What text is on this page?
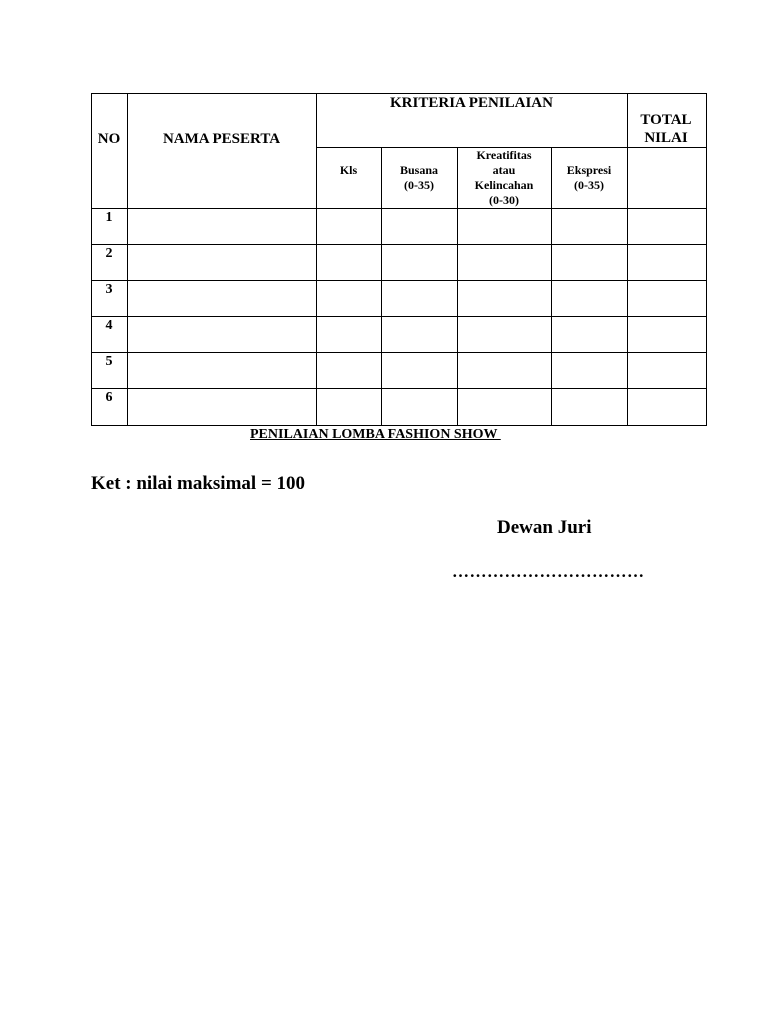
NO	NAMA PESERTA
KRITERIA PENILAIAN
TOTAL NILAI
Kls	Busana
(0-35)
Kreatifitas atau Kelincahan
(0-30)
Ekspresi
(0-35)
1
2
3
4
5
6
PENILAIAN LOMBA FASHION SHOW
Ket : nilai maksimal = 100
Dewan Juri
……………………………
